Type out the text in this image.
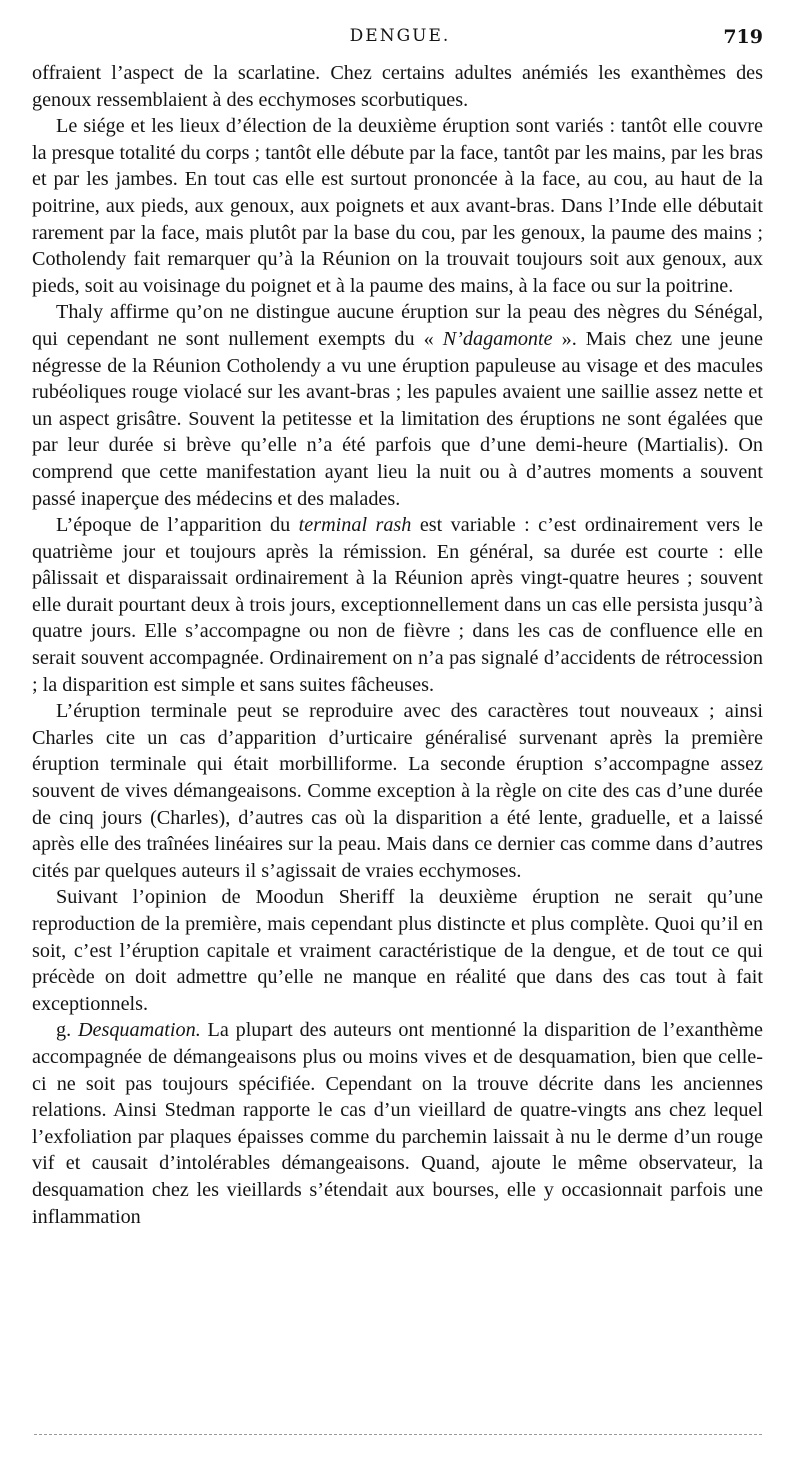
DENGUE.	719

offraient l’aspect de la scarlatine. Chez certains adultes anémiés les exanthèmes des genoux ressemblaient à des ecchymoses scorbutiques.

Le siége et les lieux d’élection de la deuxième éruption sont variés : tantôt elle couvre la presque totalité du corps ; tantôt elle débute par la face, tantôt par les mains, par les bras et par les jambes. En tout cas elle est surtout prononcée à la face, au cou, au haut de la poitrine, aux pieds, aux genoux, aux poignets et aux avant-bras. Dans l’Inde elle débutait rarement par la face, mais plutôt par la base du cou, par les genoux, la paume des mains ; Cotholendy fait remarquer qu’à la Réunion on la trouvait toujours soit aux genoux, aux pieds, soit au voisinage du poignet et à la paume des mains, à la face ou sur la poitrine.

Thaly affirme qu’on ne distingue aucune éruption sur la peau des nègres du Sénégal, qui cependant ne sont nullement exempts du « N’dagamonte ». Mais chez une jeune négresse de la Réunion Cotholendy a vu une éruption papuleuse au visage et des macules rubéoliques rouge violacé sur les avant-bras ; les papules avaient une saillie assez nette et un aspect grisâtre. Souvent la petitesse et la limitation des éruptions ne sont égalées que par leur durée si brève qu’elle n’a été parfois que d’une demi-heure (Martialis). On comprend que cette manifestation ayant lieu la nuit ou à d’autres moments a souvent passé inaperçue des médecins et des malades.

L’époque de l’apparition du terminal rash est variable : c’est ordinairement vers le quatrième jour et toujours après la rémission. En général, sa durée est courte : elle pâlissait et disparaissait ordinairement à la Réunion après vingt-quatre heures ; souvent elle durait pourtant deux à trois jours, exceptionnellement dans un cas elle persista jusqu’à quatre jours. Elle s’accompagne ou non de fièvre ; dans les cas de confluence elle en serait souvent accompagnée. Ordinairement on n’a pas signalé d’accidents de rétrocession ; la disparition est simple et sans suites fâcheuses.

L’éruption terminale peut se reproduire avec des caractères tout nouveaux ; ainsi Charles cite un cas d’apparition d’urticaire généralisé survenant après la première éruption terminale qui était morbilliforme. La seconde éruption s’accompagne assez souvent de vives démangeaisons. Comme exception à la règle on cite des cas d’une durée de cinq jours (Charles), d’autres cas où la disparition a été lente, graduelle, et a laissé après elle des traînées linéaires sur la peau. Mais dans ce dernier cas comme dans d’autres cités par quelques auteurs il s’agissait de vraies ecchymoses.

Suivant l’opinion de Moodun Sheriff la deuxième éruption ne serait qu’une reproduction de la première, mais cependant plus distincte et plus complète. Quoi qu’il en soit, c’est l’éruption capitale et vraiment caractéristique de la dengue, et de tout ce qui précède on doit admettre qu’elle ne manque en réalité que dans des cas tout à fait exceptionnels.

g. Desquamation. La plupart des auteurs ont mentionné la disparition de l’exanthème accompagnée de démangeaisons plus ou moins vives et de desquamation, bien que celle-ci ne soit pas toujours spécifiée. Cependant on la trouve décrite dans les anciennes relations. Ainsi Stedman rapporte le cas d’un vieillard de quatre-vingts ans chez lequel l’exfoliation par plaques épaisses comme du parchemin laissait à nu le derme d’un rouge vif et causait d’intolérables démangeaisons. Quand, ajoute le même observateur, la desquamation chez les vieillards s’étendait aux bourses, elle y occasionnait parfois une inflammation
